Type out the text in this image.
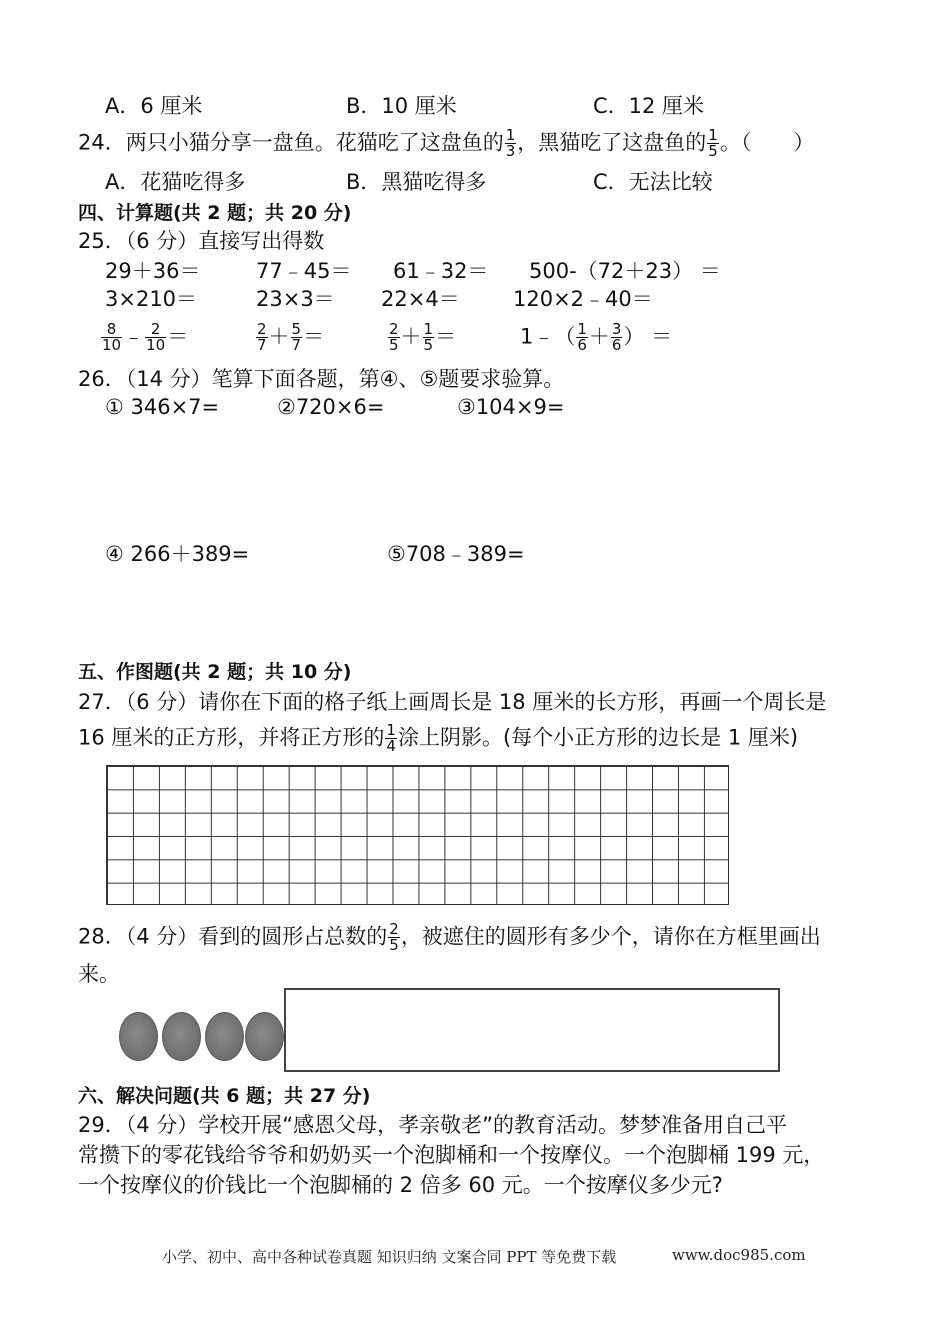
A．6 厘米	B．10 厘米	C．12 厘米
24．两只小猫分享一盘鱼。花猫吃了这盘鱼的 $\frac{1}{3}$ ，黑猫吃了这盘鱼的 $\frac{1}{5}$ 。（　　）
A．花猫吃得多	B．黑猫吃得多	C．无法比较
四、计算题(共 2 题；共 20 分)
25．（6 分）直接写出得数
29＋36＝	77﹣45＝ 61﹣32＝ 500-（72＋23） ＝
3×210＝	23×3＝ 22×4＝	120×2﹣40＝
$\frac{8}{10}$ ﹣ $\frac{2}{10}$ ＝	$\frac{2}{7} + \frac{5}{7}$ ＝	$\frac{2}{5} + \frac{1}{5}$ ＝	1﹣（ $\frac{1}{6} + \frac{3}{6}$ ） ＝
26．（14 分）笔算下面各题，第④、⑤题要求验算。
① 346×7=	②720×6=	③104×9=
④ 266＋389=	⑤708﹣389=
五、作图题(共 2 题；共 10 分)
27．（6 分）请你在下面的格子纸上画周长是 18 厘米的长方形，再画一个周长是
16 厘米的正方形，并将正方形的 $\frac{1}{4}$ 涂上阴影。(每个小正方形的边长是 1 厘米)
28．（4 分）看到的圆形占总数的 $\frac{2}{5}$ ，被遮住的圆形有多少个，请你在方框里画出
来。
六、解决问题(共 6 题；共 27 分)
29．（4 分）学校开展“感恩父母，孝亲敬老”的教育活动。梦梦准备用自己平
常攒下的零花钱给爷爷和奶奶买一个泡脚桶和一个按摩仪。一个泡脚桶 199 元，
一个按摩仪的价钱比一个泡脚桶的 2 倍多 60 元。一个按摩仪多少元?
小学、初中、高中各种试卷真题 知识归纳 文案合同 PPT 等免费下载	www.doc985.com
